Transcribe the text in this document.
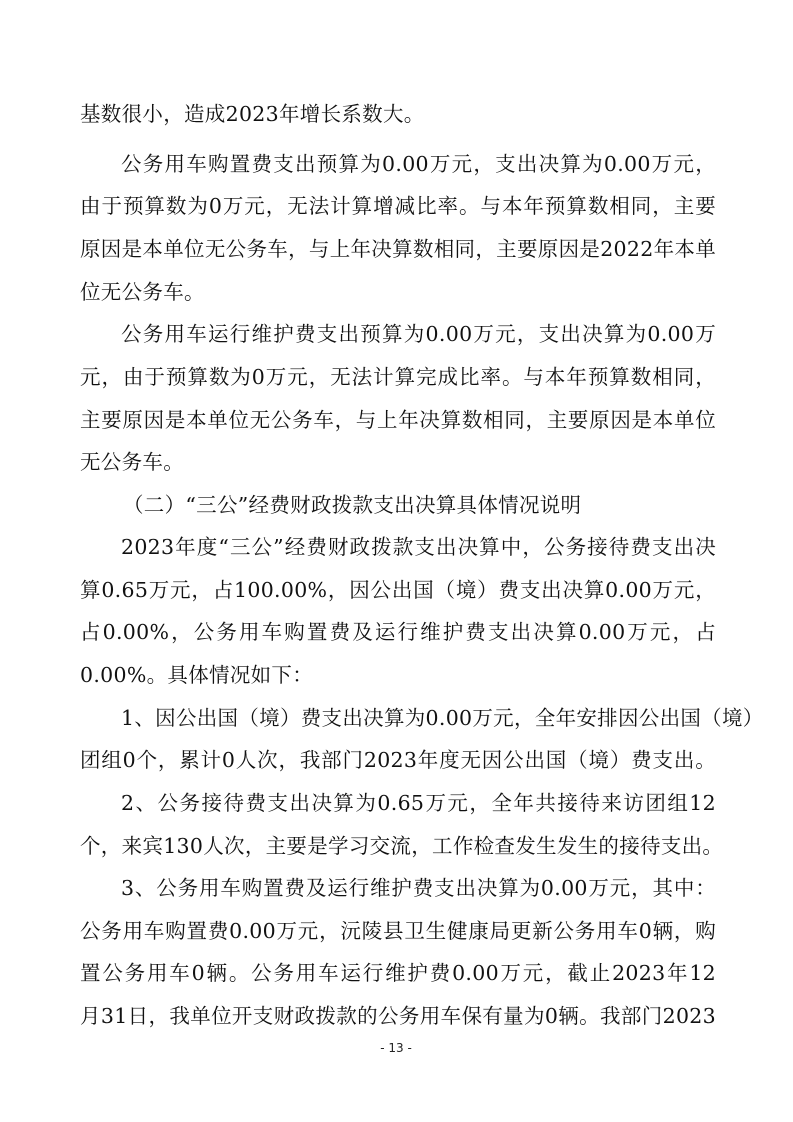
基数很小，造成2023年增长系数大。
公务用车购置费支出预算为0.00万元，支出决算为0.00万元，
由于预算数为0万元，无法计算增减比率。与本年预算数相同，主要
原因是本单位无公务车，与上年决算数相同，主要原因是2022年本单
位无公务车。
公务用车运行维护费支出预算为0.00万元，支出决算为0.00万
元，由于预算数为0万元，无法计算完成比率。与本年预算数相同，
主要原因是本单位无公务车，与上年决算数相同，主要原因是本单位
无公务车。
（二）“三公”经费财政拨款支出决算具体情况说明
2023年度“三公”经费财政拨款支出决算中，公务接待费支出决
算0.65万元，占100.00%，因公出国（境）费支出决算0.00万元，
占0.00%，公务用车购置费及运行维护费支出决算0.00万元，占
0.00%。具体情况如下：
1、因公出国（境）费支出决算为0.00万元，全年安排因公出国（境）
团组0个，累计0人次，我部门2023年度无因公出国（境）费支出。
2、公务接待费支出决算为0.65万元，全年共接待来访团组12
个，来宾130人次，主要是学习交流，工作检查发生发生的接待支出。
3、公务用车购置费及运行维护费支出决算为0.00万元，其中：
公务用车购置费0.00万元，沅陵县卫生健康局更新公务用车0辆，购
置公务用车0辆。公务用车运行维护费0.00万元，截止2023年12
月31日，我单位开支财政拨款的公务用车保有量为0辆。我部门2023
- 13 -
